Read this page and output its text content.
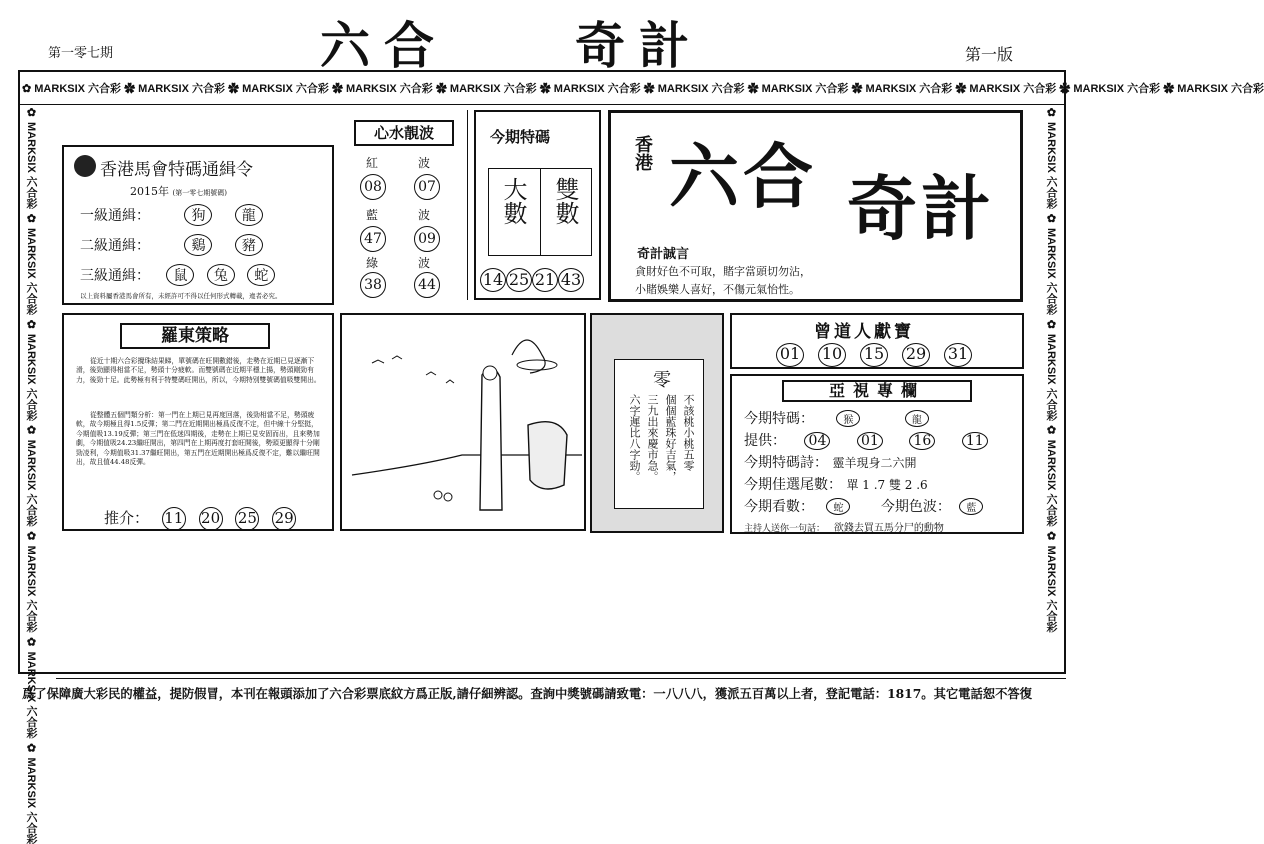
第一零七期	六合	奇計	第一版
✿ MARKSIX 六合彩 ✿ MARKSIX 六合彩 ✿ MARKSIX 六合彩 ✿ MARKSIX 六合彩 ✿ MARKSIX 六合彩 ✿ MARKSIX 六合彩 ✿ MARKSIX 六合彩 ✿ MARKSIX 六合彩 ✿ MARKSIX 六合彩 ✿ MARKSIX 六合彩 ✿ MARKSIX 六合彩 ✿ MARKSIX 六合彩
✿ MARKSIX 六合彩 ✿ MARKSIX 六合彩 ✿ MARKSIX 六合彩 ✿ MARKSIX 六合彩 ✿ MARKSIX 六合彩 ✿ MARKSIX 六合彩 ✿ MARKSIX 六合彩
✿ MARKSIX 六合彩 ✿ MARKSIX 六合彩 ✿ MARKSIX 六合彩 ✿ MARKSIX 六合彩 ✿ MARKSIX 六合彩
香港馬會特碼通緝令
2015年 (第一零七期號碼)
一級通緝：	狗	龍
二級通緝：	鷄	豬
三級通緝： 鼠 兔 蛇
以上資料屬香港馬會所有，未經許可不得以任何形式轉載，違者必究。
心水靚波
紅	波
08	07
藍	波
47	09
綠	波
38	44
今期特碼
大數 雙數
14 25 21 43
香港 六合 奇計
奇計誠言
貪財好色不可取，賭字當頭切勿沾，
小賭娛樂人喜好，不傷元氣怡性。
羅東策略
從近十期六合彩攪珠結果睇，單號碼在旺開數錯後，走勢在近期已見逐漸下滑，後勁顯得相當不足，勢頭十分疲軟。而雙號碼在近期平穩上揚，勢頭剛勁有力，後勁十足。此勢極有利于特雙碼旺開出，所以，今期特別雙號碼值吸雙開出。
從整體五個門類分析：第一門在上期已見再度回落，後勁相當不足，勢頭疲軟，故今期極且得1.5反彈；第二門在近期開出極爲反復不定，但中線十分堅挺，今期值吸13.19反彈；第三門在低迷四期後，走勢在上期已見安固而出，且來勢加劇，今期值吸24.23繼旺開出，第四門在上期再度打套旺開後，勢頭更顯得十分剛勁凌利，今期值吸31.37繼旺開出，第五門在近期開出極爲反復不定，難以繼旺開出，故且值44.48反彈。
推介： 11 20 25 29
零
不該桃小桃五零
個個藍珠好吉氣，
三九出來慶市急。
六字遲比八字勁。
曾道人獻寶
01 10 15 29 31
亞視專欄
今期特碼：	猴	龍
提供： 04 01 16 11
今期特碼詩： 靈羊現身二六開
今期佳選尾數： 單 1 .7 雙 2 .6
今期看數： 蛇	今期色波： 藍
主持人送你一句話： 欲錢去買五馬分尸的動物
爲了保障廣大彩民的權益，提防假冒，本刊在報頭添加了六合彩票底紋方爲正版,請仔細辨認。查詢中獎號碼請致電：一八八八，獲派五百萬以上者，登記電話：1817。其它電話恕不答復
